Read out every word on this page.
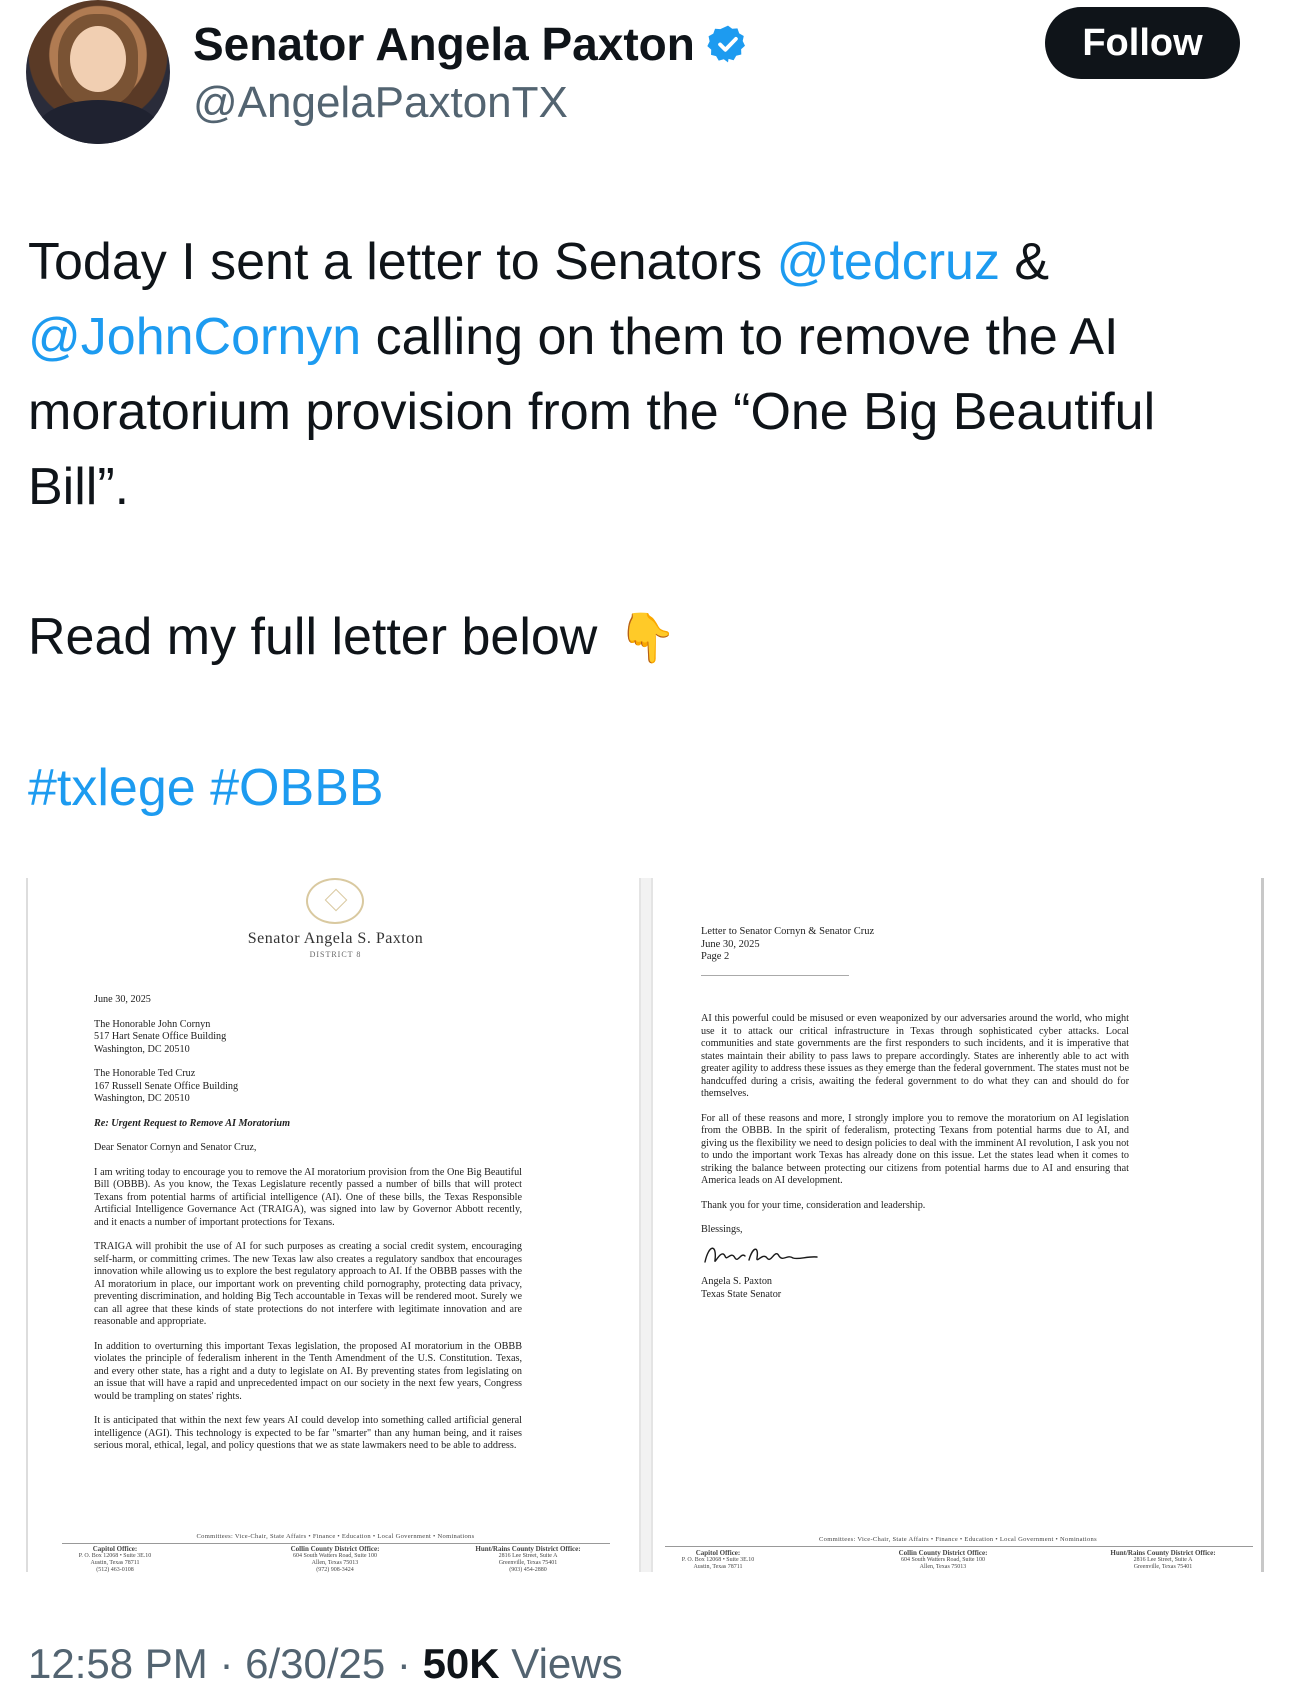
Senator Angela Paxton
@AngelaPaxtonTX
Follow
Today I sent a letter to Senators @tedcruz &
@JohnCornyn calling on them to remove the AI
moratorium provision from the “One Big Beautiful
Bill”.

Read my full letter below 👇

#txlege #OBBB
Senator Angela S. Paxton
DISTRICT 8

June 30, 2025

The Honorable John Cornyn
517 Hart Senate Office Building
Washington, DC 20510

The Honorable Ted Cruz
167 Russell Senate Office Building
Washington, DC 20510

Re: Urgent Request to Remove AI Moratorium

Dear Senator Cornyn and Senator Cruz,

I am writing today to encourage you to remove the AI moratorium provision from the One Big Beautiful Bill (OBBB). As you know, the Texas Legislature recently passed a number of bills that will protect Texans from potential harms of artificial intelligence (AI). One of these bills, the Texas Responsible Artificial Intelligence Governance Act (TRAIGA), was signed into law by Governor Abbott recently, and it enacts a number of important protections for Texans.

TRAIGA will prohibit the use of AI for such purposes as creating a social credit system, encouraging self-harm, or committing crimes. The new Texas law also creates a regulatory sandbox that encourages innovation while allowing us to explore the best regulatory approach to AI. If the OBBB passes with the AI moratorium in place, our important work on preventing child pornography, protecting data privacy, preventing discrimination, and holding Big Tech accountable in Texas will be rendered moot. Surely we can all agree that these kinds of state protections do not interfere with legitimate innovation and are reasonable and appropriate.

In addition to overturning this important Texas legislation, the proposed AI moratorium in the OBBB violates the principle of federalism inherent in the Tenth Amendment of the U.S. Constitution. Texas, and every other state, has a right and a duty to legislate on AI. By preventing states from legislating on an issue that will have a rapid and unprecedented impact on our society in the next few years, Congress would be trampling on states' rights.

It is anticipated that within the next few years AI could develop into something called artificial general intelligence (AGI). This technology is expected to be far "smarter" than any human being, and it raises serious moral, ethical, legal, and policy questions that we as state lawmakers need to be able to address.

Committees: Vice-Chair, State Affairs • Finance • Education • Local Government • Nominations
Capitol Office:
P. O. Box 12068 • Suite 3E.10
Austin, Texas 78711
(512) 463-0108
Collin County District Office:
604 South Watters Road, Suite 100
Allen, Texas 75013
(972) 908-3424
Hunt/Rains County District Office:
2816 Lee Street, Suite A
Greenville, Texas 75401
(903) 454-2880
Letter to Senator Cornyn & Senator Cruz
June 30, 2025
Page 2

AI this powerful could be misused or even weaponized by our adversaries around the world, who might use it to attack our critical infrastructure in Texas through sophisticated cyber attacks. Local communities and state governments are the first responders to such incidents, and it is imperative that states maintain their ability to pass laws to prepare accordingly. States are inherently able to act with greater agility to address these issues as they emerge than the federal government. The states must not be handcuffed during a crisis, awaiting the federal government to do what they can and should do for themselves.

For all of these reasons and more, I strongly implore you to remove the moratorium on AI legislation from the OBBB. In the spirit of federalism, protecting Texans from potential harms due to AI, and giving us the flexibility we need to design policies to deal with the imminent AI revolution, I ask you not to undo the important work Texas has already done on this issue. Let the states lead when it comes to striking the balance between protecting our citizens from potential harms due to AI and ensuring that America leads on AI development.

Thank you for your time, consideration and leadership.

Blessings,

Angela S. Paxton
Texas State Senator
Committees: Vice-Chair, State Affairs • Finance • Education • Local Government • Nominations
Capitol Office:
P. O. Box 12068 • Suite 3E.10
Austin, Texas 78711
Collin County District Office:
604 South Watters Road, Suite 100
Allen, Texas 75013
Hunt/Rains County District Office:
2816 Lee Street, Suite A
Greenville, Texas 75401
12:58 PM · 6/30/25 · 50K Views
